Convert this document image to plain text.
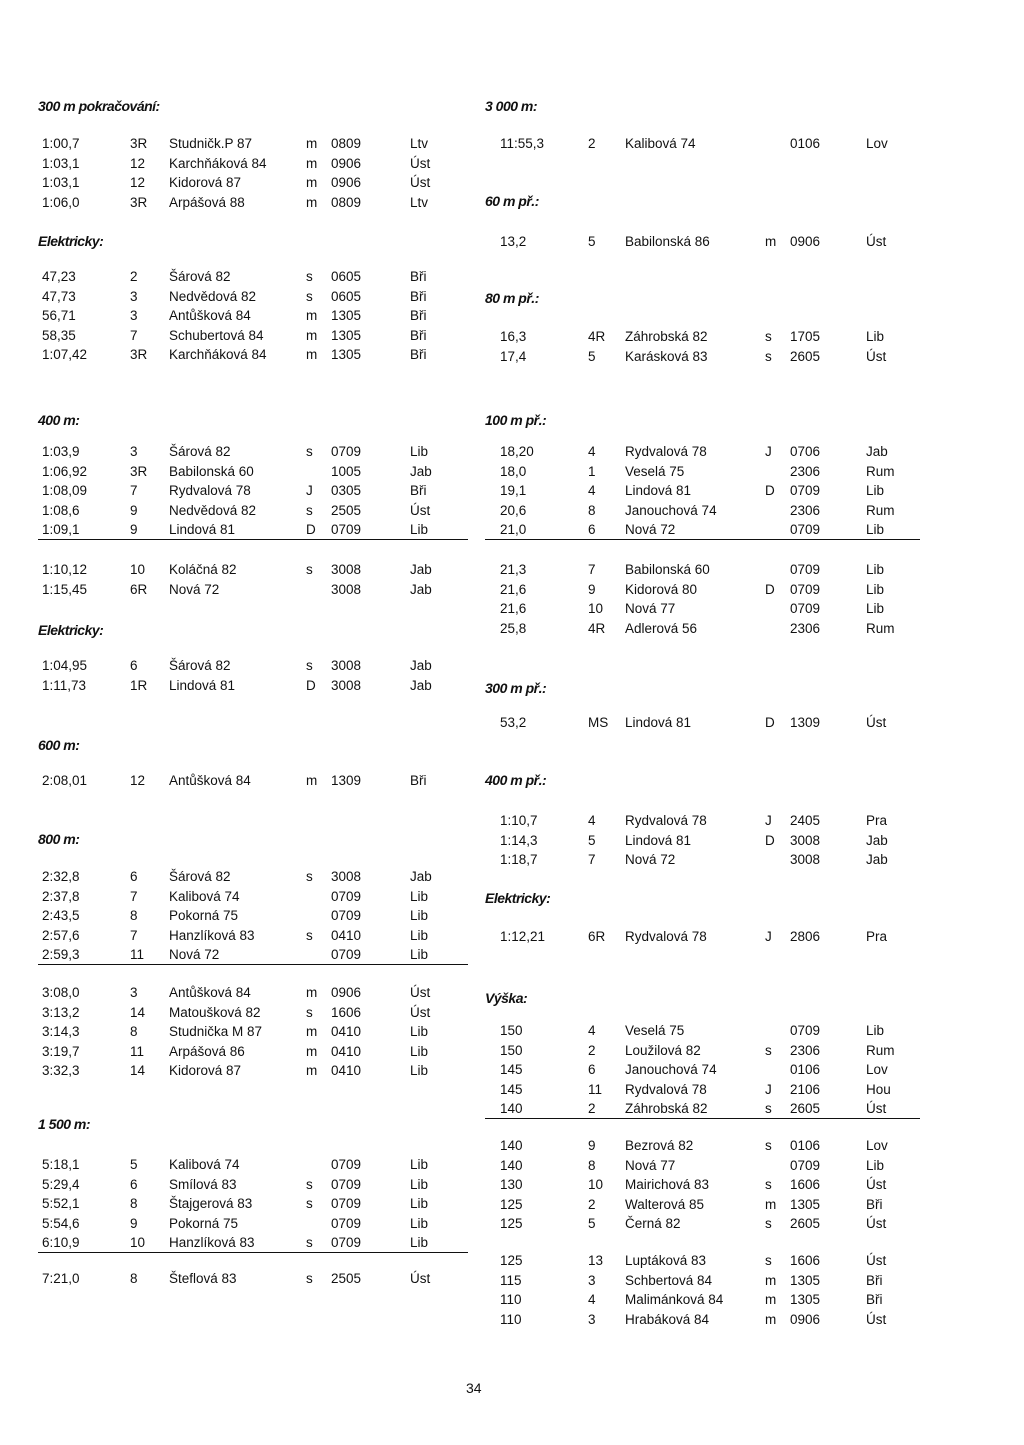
300 m pokračování:
1:00,7	3R Studničk.P 87	m 0809	Ltv
1:03,1	12 Karchňáková 84	m 0906	Úst
1:03,1	12 Kidorová 87	m 0906	Úst
1:06,0	3R Arpášová 88	m 0809	Ltv
Elektricky:
47,23	2 Šárová 82	s 0605	Bři
47,73	3 Nedvědová 82	s 0605	Bři
56,71	3 Antůšková 84	m 1305	Bři
58,35	7 Schubertová 84	m 1305	Bři
1:07,42	3R Karchňáková 84	m 1305	Bři
400 m:
1:03,9	3 Šárová 82	s 0709	Lib
1:06,92	3R Babilonská 60	1005	Jab
1:08,09	7 Rydvalová 78	J 0305	Bři
1:08,6	9 Nedvědová 82	s 2505	Úst
1:09,1	9 Lindová 81	D 0709	Lib
1:10,12	10 Koláčná 82	s 3008	Jab
1:15,45	6R Nová 72	3008	Jab
Elektricky:
1:04,95	6 Šárová 82	s 3008	Jab
1:11,73	1R Lindová 81	D 3008	Jab
600 m:
2:08,01	12 Antůšková 84	m 1309	Bři
800 m:
2:32,8	6 Šárová 82	s 3008	Jab
2:37,8	7 Kalibová 74	0709	Lib
2:43,5	8 Pokorná 75	0709	Lib
2:57,6	7 Hanzlíková 83	s 0410	Lib
2:59,3	11 Nová 72	0709	Lib
3:08,0	3 Antůšková 84	m 0906	Úst
3:13,2	14 Matoušková 82	s 1606	Úst
3:14,3	8 Studnička M 87	m 0410	Lib
3:19,7	11 Arpášová 86	m 0410	Lib
3:32,3	14 Kidorová 87	m 0410	Lib
1 500 m:
5:18,1	5 Kalibová 74	0709	Lib
5:29,4	6 Smílová 83	s 0709	Lib
5:52,1	8 Štajgerová 83	s 0709	Lib
5:54,6	9 Pokorná 75	0709	Lib
6:10,9	10 Hanzlíková 83	s 0709	Lib
7:21,0	8 Šteflová 83	s 2505	Úst
3 000 m:
11:55,3	2 Kalibová 74	0106	Lov
60 m př.:
13,2	5 Babilonská 86	m 0906	Úst
80 m př.:
16,3	4R Záhrobská 82	s 1705	Lib
17,4	5 Karásková 83	s 2605	Úst
100 m př.:
18,20	4 Rydvalová 78	J 0706	Jab
18,0	1 Veselá 75	2306	Rum
19,1	4 Lindová 81	D 0709	Lib
20,6	8 Janouchová 74	2306	Rum
21,0	6 Nová 72	0709	Lib
21,3	7 Babilonská 60	0709	Lib
21,6	9 Kidorová 80	D 0709	Lib
21,6	10 Nová 77	0709	Lib
25,8	4R Adlerová 56	2306	Rum
300 m př.:
53,2	MS Lindová 81	D 1309	Úst
400 m př.:
1:10,7	4 Rydvalová 78	J 2405	Pra
1:14,3	5 Lindová 81	D 3008	Jab
1:18,7	7 Nová 72	3008	Jab
Elektricky:
1:12,21	6R Rydvalová 78	J 2806	Pra
Výška:
150	4 Veselá 75	0709	Lib
150	2 Loužilová 82	s 2306	Rum
145	6 Janouchová 74	0106	Lov
145	11 Rydvalová 78	J 2106	Hou
140	2 Záhrobská 82	s 2605	Úst
140	9 Bezrová 82	s 0106	Lov
140	8 Nová 77	0709	Lib
130	10 Mairichová 83	s 1606	Úst
125	2 Walterová 85	m 1305	Bři
125	5 Černá 82	s 2605	Úst
125	13 Luptáková 83	s 1606	Úst
115	3 Schbertová 84	m 1305	Bři
110	4 Malimánková 84	m 1305	Bři
110	3 Hrabáková 84	m 0906	Úst
34
